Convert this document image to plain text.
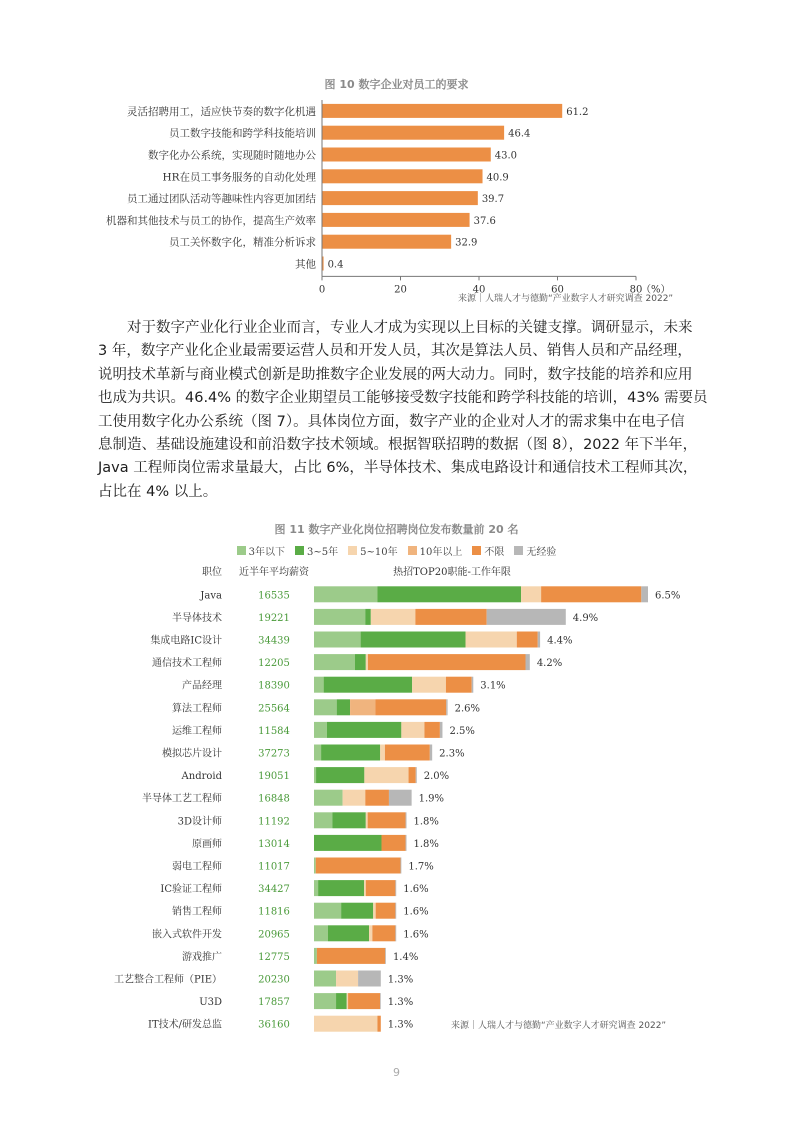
图 10 数字企业对员工的要求
灵活招聘用工，适应快节奏的数字化机遇	61.2
员工数字技能和跨学科技能培训	46.4
数字化办公系统，实现随时随地办公	43.0
HR在员工事务服务的自动化处理	40.9
员工通过团队活动等趣味性内容更加团结	39.7
机器和其他技术与员工的协作，提高生产效率	37.6
员工关怀数字化，精准分析诉求	32.9
其他 0.4
0	20	40	60	80
（%）
来源｜人瑞人才与德勤“产业数字人才研究调查 2022”
对于数字产业化行业企业而言，专业人才成为实现以上目标的关键支撑。调研显示，未来
3 年，数字产业化企业最需要运营人员和开发人员，其次是算法人员、销售人员和产品经理，
说明技术革新与商业模式创新是助推数字企业发展的两大动力。同时，数字技能的培养和应用
也成为共识。46.4% 的数字企业期望员工能够接受数字技能和跨学科技能的培训，43% 需要员
工使用数字化办公系统（图 7）。具体岗位方面，数字产业的企业对人才的需求集中在电子信
息制造、基础设施建设和前沿数字技术领域。根据智联招聘的数据（图 8），2022 年下半年，
Java 工程师岗位需求量最大，占比 6%，半导体技术、集成电路设计和通信技术工程师其次，
占比在 4% 以上。
图 11 数字产业化岗位招聘岗位发布数量前 20 名
3年以下 3~5年 5~10年 10年以上 不限 无经验
职位 近半年平均薪资	热招TOP20职能-工作年限
Java	16535	6.5%
半导体技术	19221	4.9%
集成电路IC设计	34439	4.4%
通信技术工程师	12205	4.2%
产品经理	18390	3.1%
算法工程师	25564	2.6%
运维工程师	11584	2.5%
模拟芯片设计	37273	2.3%
Android	19051	2.0%
半导体工艺工程师	16848	1.9%
3D设计师	11192	1.8%
原画师	13014	1.8%
弱电工程师	11017	1.7%
IC验证工程师	34427	1.6%
销售工程师	11816	1.6%
嵌入式软件开发	20965	1.6%
游戏推广	12775	1.4%
工艺整合工程师（PIE）	20230	1.3%
U3D	17857	1.3%
IT技术/研发总监	36160	1.3%	来源｜人瑞人才与德勤“产业数字人才研究调查 2022”
9
